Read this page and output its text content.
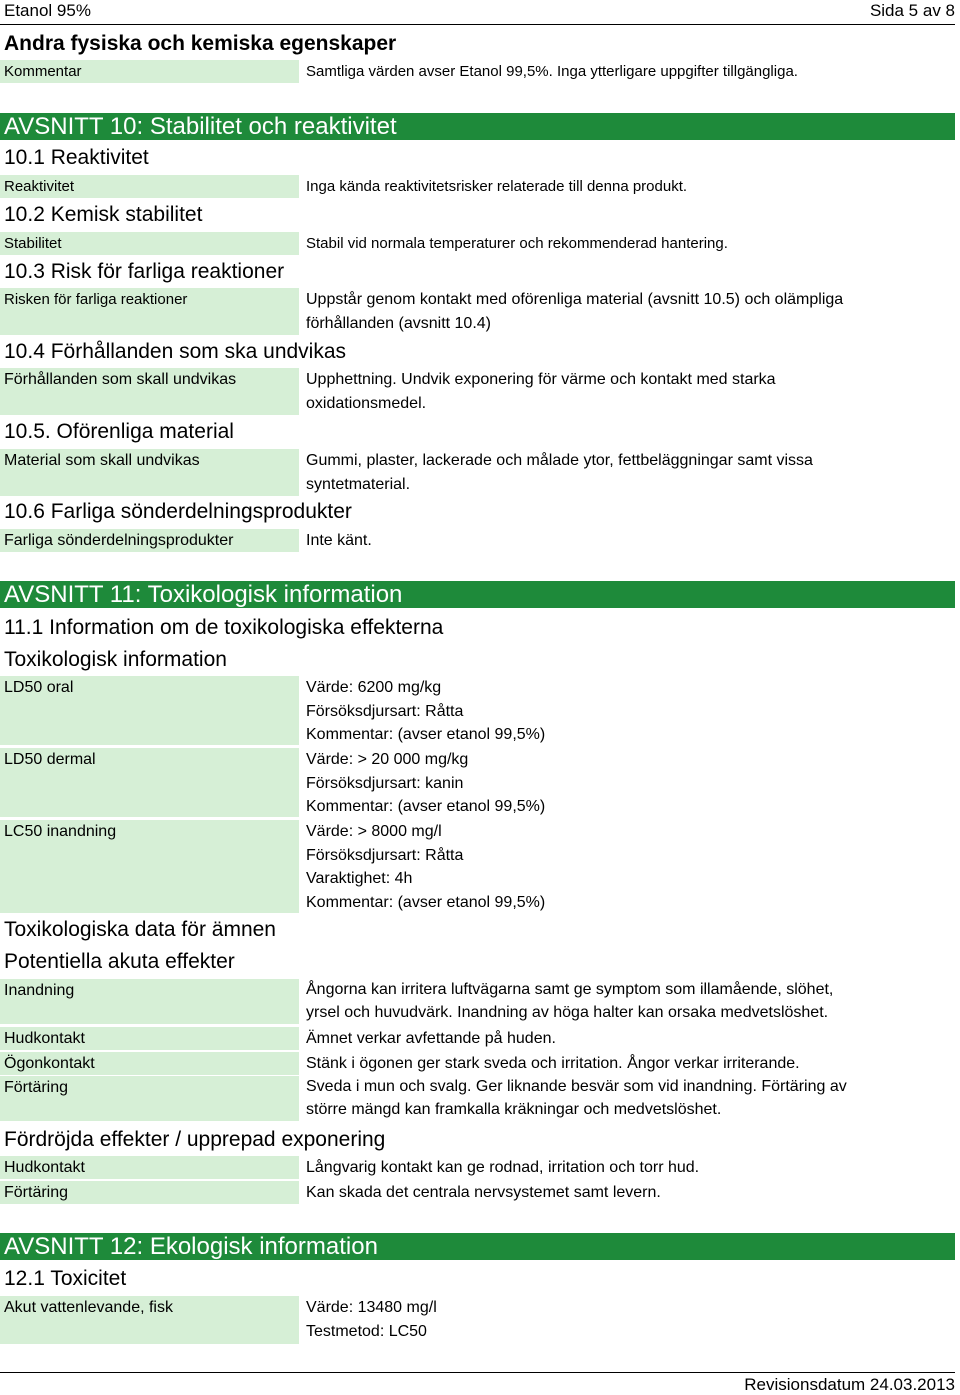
Etanol 95%	Sida 5 av 8
Andra fysiska och kemiska egenskaper
Kommentar	Samtliga värden avser Etanol 99,5%. Inga ytterligare uppgifter tillgängliga.
AVSNITT 10: Stabilitet och reaktivitet
10.1 Reaktivitet
Reaktivitet	Inga kända reaktivitetsrisker relaterade till denna produkt.
10.2 Kemisk stabilitet
Stabilitet	Stabil vid normala temperaturer och rekommenderad hantering.
10.3 Risk för farliga reaktioner
Risken för farliga reaktioner	Uppstår genom kontakt med oförenliga material (avsnitt 10.5) och olämpliga
förhållanden (avsnitt 10.4)
10.4 Förhållanden som ska undvikas
Förhållanden som skall undvikas	Upphettning. Undvik exponering för värme och kontakt med starka
oxidationsmedel.
10.5. Oförenliga material
Material som skall undvikas	Gummi, plaster, lackerade och målade ytor, fettbeläggningar samt vissa
syntetmaterial.
10.6 Farliga sönderdelningsprodukter
Farliga sönderdelningsprodukter	Inte känt.
AVSNITT 11: Toxikologisk information
11.1 Information om de toxikologiska effekterna
Toxikologisk information
LD50 oral	Värde: 6200 mg/kg
Försöksdjursart: Råtta
Kommentar: (avser etanol 99,5%)
LD50 dermal	Värde: > 20 000 mg/kg
Försöksdjursart: kanin
Kommentar: (avser etanol 99,5%)
LC50 inandning	Värde: > 8000 mg/l
Försöksdjursart: Råtta
Varaktighet: 4h
Kommentar: (avser etanol 99,5%)
Toxikologiska data för ämnen
Potentiella akuta effekter
Inandning	Ångorna kan irritera luftvägarna samt ge symptom som illamående, slöhet,
yrsel och huvudvärk. Inandning av höga halter kan orsaka medvetslöshet.
Hudkontakt	Ämnet verkar avfettande på huden.
Ögonkontakt	Stänk i ögonen ger stark sveda och irritation. Ångor verkar irriterande.
Förtäring	Sveda i mun och svalg. Ger liknande besvär som vid inandning. Förtäring av
större mängd kan framkalla kräkningar och medvetslöshet.
Fördröjda effekter / upprepad exponering
Hudkontakt	Långvarig kontakt kan ge rodnad, irritation och torr hud.
Förtäring	Kan skada det centrala nervsystemet samt levern.
AVSNITT 12: Ekologisk information
12.1 Toxicitet
Akut vattenlevande, fisk	Värde: 13480 mg/l
Testmetod: LC50
Revisionsdatum 24.03.2013
